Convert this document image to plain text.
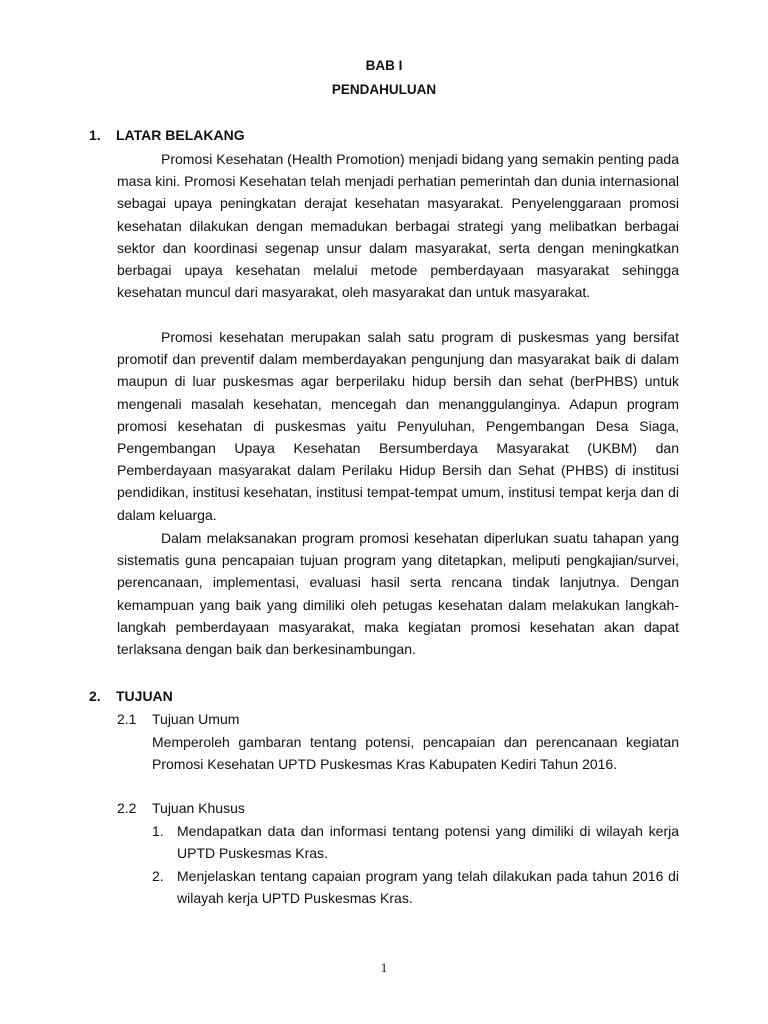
BAB I
PENDAHULUAN
1. LATAR BELAKANG

Promosi Kesehatan (Health Promotion) menjadi bidang yang semakin penting pada masa kini. Promosi Kesehatan telah menjadi perhatian pemerintah dan dunia internasional sebagai upaya peningkatan derajat kesehatan masyarakat. Penyelenggaraan promosi kesehatan dilakukan dengan memadukan berbagai strategi yang melibatkan berbagai sektor dan koordinasi segenap unsur dalam masyarakat, serta dengan meningkatkan berbagai upaya kesehatan melalui metode pemberdayaan masyarakat sehingga kesehatan muncul dari masyarakat, oleh masyarakat dan untuk masyarakat.

Promosi kesehatan merupakan salah satu program di puskesmas yang bersifat promotif dan preventif dalam memberdayakan pengunjung dan masyarakat baik di dalam maupun di luar puskesmas agar berperilaku hidup bersih dan sehat (berPHBS) untuk mengenali masalah kesehatan, mencegah dan menanggulanginya. Adapun program promosi kesehatan di puskesmas yaitu Penyuluhan, Pengembangan Desa Siaga, Pengembangan Upaya Kesehatan Bersumberdaya Masyarakat (UKBM) dan Pemberdayaan masyarakat dalam Perilaku Hidup Bersih dan Sehat (PHBS) di institusi pendidikan, institusi kesehatan, institusi tempat-tempat umum, institusi tempat kerja dan di dalam keluarga.

Dalam melaksanakan program promosi kesehatan diperlukan suatu tahapan yang sistematis guna pencapaian tujuan program yang ditetapkan, meliputi pengkajian/survei, perencanaan, implementasi, evaluasi hasil serta rencana tindak lanjutnya. Dengan kemampuan yang baik yang dimiliki oleh petugas kesehatan dalam melakukan langkah-langkah pemberdayaan masyarakat, maka kegiatan promosi kesehatan akan dapat terlaksana dengan baik dan berkesinambungan.

2. TUJUAN
2.1 Tujuan Umum

Memperoleh gambaran tentang potensi, pencapaian dan perencanaan kegiatan Promosi Kesehatan UPTD Puskesmas Kras Kabupaten Kediri Tahun 2016.

2.2 Tujuan Khusus
1. Mendapatkan data dan informasi tentang potensi yang dimiliki di wilayah kerja UPTD Puskesmas Kras.
2. Menjelaskan tentang capaian program yang telah dilakukan pada tahun 2016 di wilayah kerja UPTD Puskesmas Kras.
1
